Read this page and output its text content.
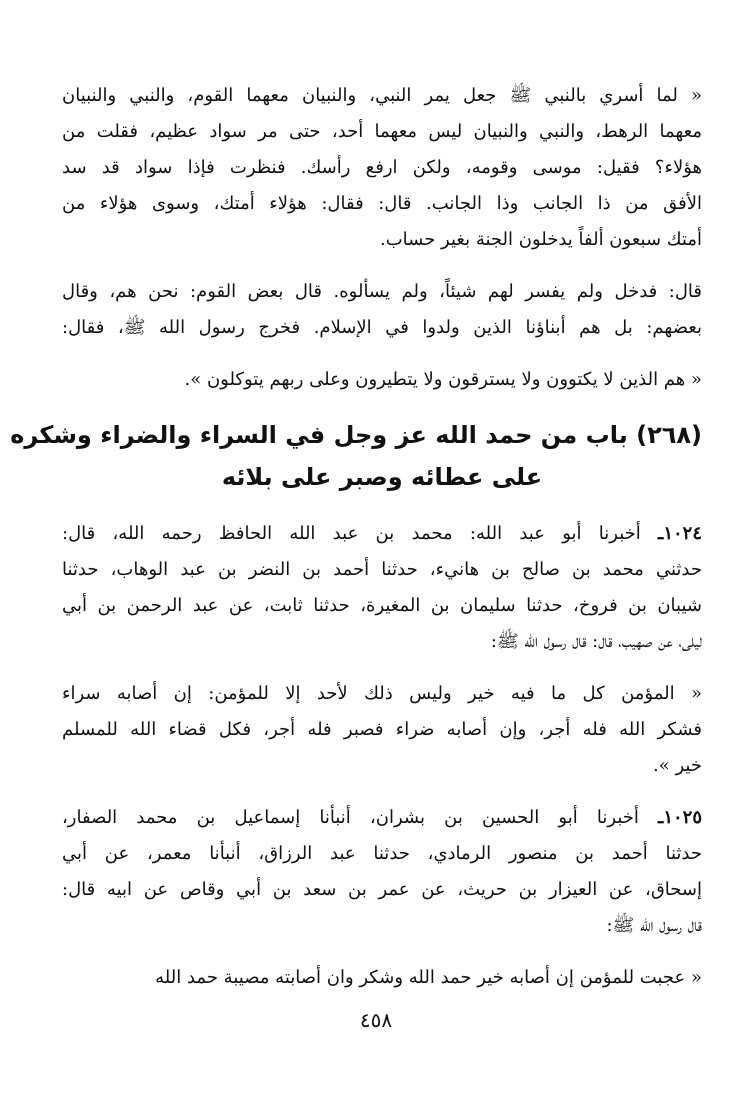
« لما أسري بالنبي ﷺ جعل يمر النبي، والنبيان معهما القوم، والنبي والنبيان
معهما الرهط، والنبي والنبيان ليس معهما أحد، حتى مر سواد عظيم، فقلت من
هؤلاء؟ فقيل: موسى وقومه، ولكن ارفع رأسك. فنظرت فإذا سواد قد سد
الأفق من ذا الجانب وذا الجانب. قال: فقال: هؤلاء أمتك، وسوى هؤلاء من
أمتك سبعون ألفاً يدخلون الجنة بغير حساب.
قال: فدخل ولم يفسر لهم شيئاً، ولم يسألوه. قال بعض القوم: نحن هم، وقال
بعضهم: بل هم أبناؤنا الذين ولدوا في الإسلام. فخرج رسول الله ﷺ، فقال:
« هم الذين لا يكتوون ولا يسترقون ولا يتطيرون وعلى ربهم يتوكلون ».
(٢٦٨) باب من حمد الله عز وجل في السراء والضراء وشكره
على عطائه وصبر على بلائه
١٠٢٤ـ أخبرنا أبو عبد الله: محمد بن عبد الله الحافظ رحمه الله، قال:
حدثني محمد بن صالح بن هانيء، حدثنا أحمد بن النضر بن عبد الوهاب، حدثنا
شيبان بن فروخ، حدثنا سليمان بن المغيرة، حدثنا ثابت، عن عبد الرحمن بن أبي
ليلى، عن صهيب، قال: قال رسول الله ﷺ:
« المؤمن كل ما فيه خير وليس ذلك لأحد إلا للمؤمن: إن أصابه سراء
فشكر الله فله أجر، وإن أصابه ضراء فصبر فله أجر، فكل قضاء الله للمسلم
خير ».
١٠٢٥ـ أخبرنا أبو الحسين بن بشران، أنبأنا إسماعيل بن محمد الصفار،
حدثنا أحمد بن منصور الرمادي، حدثنا عبد الرزاق، أنبأنا معمر، عن أبي
إسحاق، عن العيزار بن حريث، عن عمر بن سعد بن أبي وقاص عن ابيه قال:
قال رسول الله ﷺ:
« عجبت للمؤمن إن أصابه خير حمد الله وشكر وان أصابته مصيبة حمد الله
٤٥٨
